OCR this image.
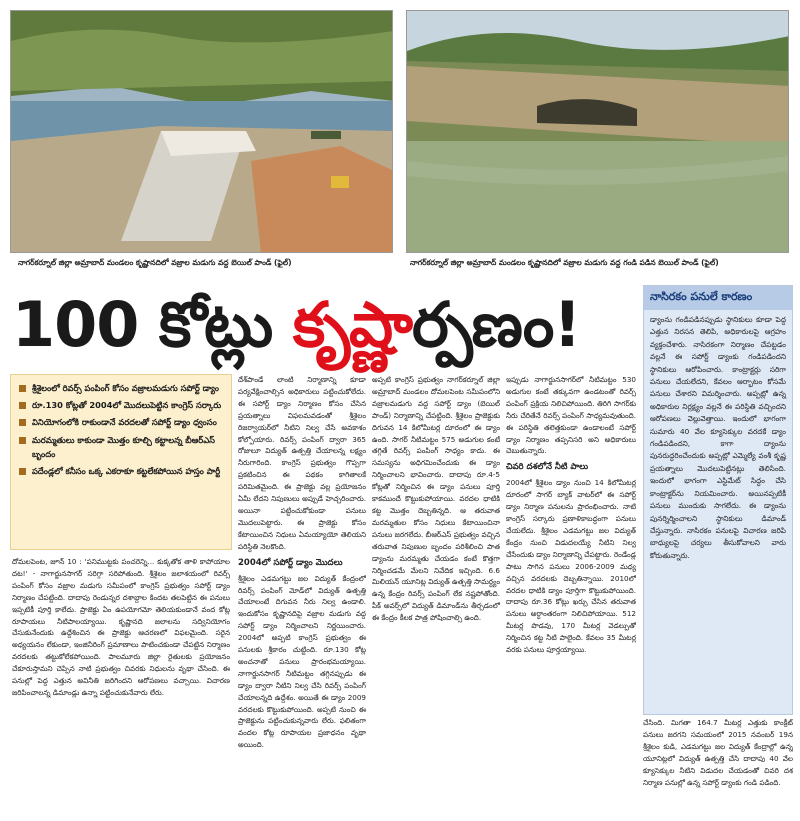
నాగర్‌కర్నూల్ జిల్లా అమ్రాబాద్ మండలం కృష్ణానదిలో వజ్రాల మడుగు వద్ద బెయిల్ పాండ్ (ఫైల్)	నాగర్‌కర్నూల్ జిల్లా అమ్రాబాద్ మండలం కృష్ణానదిలో వజ్రాల మడుగు వద్ద గండి పడిన బెయిల్ పాండ్ (ఫైల్)
100 కోట్లు కృష్ణార్పణం!	నాసిరకం పనులే కారణం
డ్యాంను గండిపడినప్పుడు స్థానికులు కూడా పెద్ద ఎత్తున నిరసన తెలిపి, అధికారులపై ఆగ్రహం వ్యక్తంచేశారు. నాసిరకంగా నిర్మాణం చేపట్టడం వల్లనే ఈ సపోర్ట్ డ్యాంకు గండిపడిందని స్థానికులు ఆరోపించారు. కాంట్రాక్టర్లు సరిగా పనులు చేయలేదని, కేవలం ఆర్భాటం కోసమే పనులు చేశారని విమర్శించారు. అప్పట్లో ఉన్న అధికారుల నిర్లక్ష్యం వల్లనే ఈ పరిస్థితి వచ్చిందని ఆరోపణలు వెల్లువెత్తాయి. ఇందులో భాగంగా సుమారు 40 వేల క్యూసెక్కుల వరదకే డ్యాం గండిపడిందని, కాగా ద్యాంను పునరుద్ధరించేందుకు అప్పట్లో ఎమ్మెల్యే వంశీ కృష్ణ ప్రయత్నాలు మొదలుపెట్టినట్లు తెలిసింది. ఇందులో భాగంగా ఎస్టిమేట్ సిద్ధం చేసి కాంట్రాక్టర్‌ను నియమించారు. అయినప్పటికీ పనులు ముందుకు సాగలేదు. ఈ డ్యాంను పునర్నిర్మించాలని స్థానికులు డిమాండ్ చేస్తున్నారు. నాసిరకం పనులపై విచారణ జరిపి బాధ్యులపై చర్యలు తీసుకోవాలని వారు కోరుతున్నారు.
శ్రీశైలంలో రివర్స్ పంపింగ్ కోసం వజ్రాలమడుగు సపోర్ట్ డ్యాం
రూ.130 కోట్లతో 2004లో మొదలుపెట్టిన కాంగ్రెస్ సర్కారు
వినియోగంలోకి రాకుండానే వరదలతో సపోర్ట్ డ్యాం ధ్వంసం
మరమ్మతులు కాకుండా మొత్తం కూల్చి కట్టాలన్న బీఆర్ఎస్ బృందం
పదేండ్లలో కనీసం ఒక్క ఎకరాకూ కట్టలేకపోయిన హస్తం పార్టీ

దోమలపెంట, జూన్ 10 : 'పనిముట్టకు పంచరెన్ని... కుక్కతోక తాళి కాపోయాల దట!' - నాగార్జునసాగర్ సరిగ్గా సరిపోతుంది. శ్రీశైలం జలాశయంలో రివర్స్ పంపింగ్ కోసం వజ్రాల మడుగు సమీపంలో కాంగ్రెస్ ప్రభుత్వం సపోర్ట్ డ్యాం నిర్మాణం చేపట్టింది. దాదాపు రెండున్నర దశాబ్దాల కిందట తలపెట్టిన ఈ పనులు ఇప్పటికీ పూర్తి కాలేదు. ప్రాజెక్టు ఏం ఉపయోగమో తెలియకుండానే వంద కోట్ల రూపాయలు నీటిపాలయ్యాయి. కృష్ణానది జలాలను సద్వినియోగం చేసుకునేందుకు ఉద్దేశించిన ఈ ప్రాజెక్టు ఆచరణలో విఫలమైంది. సరైన అధ్యయనం లేకుండా, ఇంజినీరింగ్ ప్రమాణాలు పాటించకుండా చేపట్టిన నిర్మాణం వరదలకు తట్టుకోలేకపోయింది. పాలమూరు జిల్లా రైతులకు ప్రయోజనం చేకూరుస్తామని చెప్పిన నాటి ప్రభుత్వం చివరకు నిధులను వృథా చేసింది. ఈ పనుల్లో పెద్ద ఎత్తున అవినీతి జరిగిందని ఆరోపణలు వచ్చాయి. విచారణ జరిపించాలన్న డిమాండ్లు ఉన్నా పట్టించుకునేవారు లేరు.

దేశ్‌పాండే లాంటి నిర్మాణాన్ని కూడా పర్యవేక్షించాల్సిన అధికారులు పట్టించుకోలేదు. ఈ సపోర్ట్ డ్యాం నిర్మాణం కోసం చేసిన ప్రయత్నాలు విఫలమవడంతో శ్రీశైలం రిజర్వాయర్‌లో నీటిని నిల్వ చేసే అవకాశం కోల్పోయారు. రివర్స్ పంపింగ్ ద్వారా 365 రోజులూ విద్యుత్ ఉత్పత్తి చేయాలన్న లక్ష్యం నీరుగారింది. కాంగ్రెస్ ప్రభుత్వం గొప్పగా ప్రకటించిన ఈ పథకం కాగితాలకే పరిమితమైంది. ఈ ప్రాజెక్టు వల్ల ప్రయోజనం ఏమీ లేదని నిపుణులు అప్పుడే హెచ్చరించారు. అయినా పట్టించుకోకుండా పనులు మొదలుపెట్టారు. ఈ ప్రాజెక్టు కోసం కేటాయించిన నిధులు ఏమయ్యాయో తెలియని పరిస్థితి నెలకొంది.

2004లో సపోర్ట్ డ్యాం మొదలు

శ్రీశైలం ఎడమగట్టు జల విద్యుత్ కేంద్రంలో రివర్స్ పంపింగ్ మోడ్‌లో విద్యుత్ ఉత్పత్తి చేయాలంటే దిగువన నీరు నిల్వ ఉండాలి. ఇందుకోసం కృష్ణానదిపై వజ్రాల మడుగు వద్ద సపోర్ట్ డ్యాం నిర్మించాలని నిర్ణయించారు. 2004లో అప్పటి కాంగ్రెస్ ప్రభుత్వం ఈ పనులకు శ్రీకారం చుట్టింది. రూ.130 కోట్ల అంచనాతో పనులు ప్రారంభమయ్యాయి. నాగార్జునసాగర్ నీటిమట్టం తగ్గినప్పుడు ఈ డ్యాం ద్వారా నీటిని నిల్వ చేసి రివర్స్ పంపింగ్ చేయాలన్నది ఉద్దేశం. అయితే ఈ డ్యాం 2009 వరదలకు కొట్టుకుపోయింది. అప్పటి నుంచి ఈ ప్రాజెక్టును పట్టించుకున్నవారు లేరు. ఫలితంగా వందల కోట్ల రూపాయల ప్రజాధనం వృథా అయింది.

అప్పటి కాంగ్రెస్ ప్రభుత్వం నాగర్‌కర్నూల్ జిల్లా అమ్రాబాద్ మండలం దోమలపెంట సమీపంలోని వజ్రాలమడుగు వద్ద సపోర్ట్ డ్యాం (బెయిల్ పాండ్) నిర్మాణాన్ని చేపట్టింది. శ్రీశైలం ప్రాజెక్టుకు దిగువన 14 కిలోమీటర్ల దూరంలో ఈ డ్యాం ఉంది. సాగర్ నీటిమట్టం 575 అడుగుల కంటే తగ్గితే రివర్స్ పంపింగ్ సాధ్యం కాదు. ఈ సమస్యను అధిగమించేందుకు ఈ డ్యాం నిర్మించాలని భావించారు. దాదాపు రూ.4-5 కోట్లతో నిర్మించిన ఈ డ్యాం పనులు పూర్తి కాకముందే కొట్టుకుపోయాయి. వరదల ధాటికి కట్ట మొత్తం దెబ్బతిన్నది. ఆ తరువాత మరమ్మతుల కోసం నిధులు కేటాయించినా పనులు జరగలేదు. బీఆర్ఎస్ ప్రభుత్వం వచ్చిన తరువాత నిపుణుల బృందం పరిశీలించి పాత డ్యాంను మరమ్మతు చేయడం కంటే కొత్తగా నిర్మించడమే మేలని నివేదిక ఇచ్చింది. 6.6 మిలియన్ యూనిట్ల విద్యుత్ ఉత్పత్తి సామర్థ్యం ఉన్న కేంద్రం రివర్స్ పంపింగ్ లేక నష్టపోతోంది. పీక్ అవర్స్‌లో విద్యుత్ డిమాండ్‌ను తీర్చడంలో ఈ కేంద్రం కీలక పాత్ర పోషించాల్సి ఉంది.

ఇప్పుడు నాగార్జునసాగర్‌లో నీటిమట్టం 530 అడుగుల కంటే తక్కువగా ఉండటంతో రివర్స్ పంపింగ్ ప్రక్రియ నిలిచిపోయింది. తిరిగి సాగర్‌కు నీరు చేరితేనే రివర్స్ పంపింగ్ సాధ్యమవుతుంది. ఈ పరిస్థితి తలెత్తకుండా ఉండాలంటే సపోర్ట్ డ్యాం నిర్మాణం తప్పనిసరి అని అధికారులు చెబుతున్నారు.

చివరి దశలోనే నీటి పాలు

2004లో శ్రీశైలం డ్యాం నుంచి 14 కిలోమీటర్ల దూరంలో సాగర్ బ్యాక్ వాటర్‌లో ఈ సపోర్ట్ డ్యాం నిర్మాణ పనులను ప్రారంభించారు. నాటి కాంగ్రెస్ సర్కారు ప్రణాళికాబద్ధంగా పనులు చేయలేదు. శ్రీశైలం ఎడమగట్టు జల విద్యుత్ కేంద్రం నుంచి విడుదలయ్యే నీటిని నిల్వ చేసేందుకు డ్యాం నిర్మాణాన్ని చేపట్టారు. రెండేండ్ల పాటు సాగిన పనులు 2006-2009 మధ్య వచ్చిన వరదలకు దెబ్బతిన్నాయి. 2010లో వరదల ధాటికి డ్యాం పూర్తిగా కొట్టుకుపోయింది. దాదాపు రూ.36 కోట్లు ఖర్చు చేసిన తరువాత పనులు అర్ధాంతరంగా నిలిచిపోయాయి. 512 మీటర్ల పొడవు, 170 మీటర్ల వెడల్పుతో నిర్మించిన కట్ట నీటి పాలైంది. కేవలం 35 మీటర్ల వరకు పనులు పూర్తయ్యాయి.

చేసింది. మిగతా 164.7 మీటర్ల ఎత్తుకు కాంక్రీట్ పనులు జరగని సమయంలో 2015 నవంబర్ 19న శ్రీశైలం కుడి, ఎడమగట్టు జల విద్యుత్ కేంద్రాల్లో ఉన్న యూనిట్లలో విద్యుత్ ఉత్పత్తి చేసి దాదాపు 40 వేల క్యూసెక్కుల నీటిని విడుదల చేయడంతో చివరి దశ నిర్మాణ పనుల్లో ఉన్న సపోర్ట్ డ్యాంకు గండి పడింది.
